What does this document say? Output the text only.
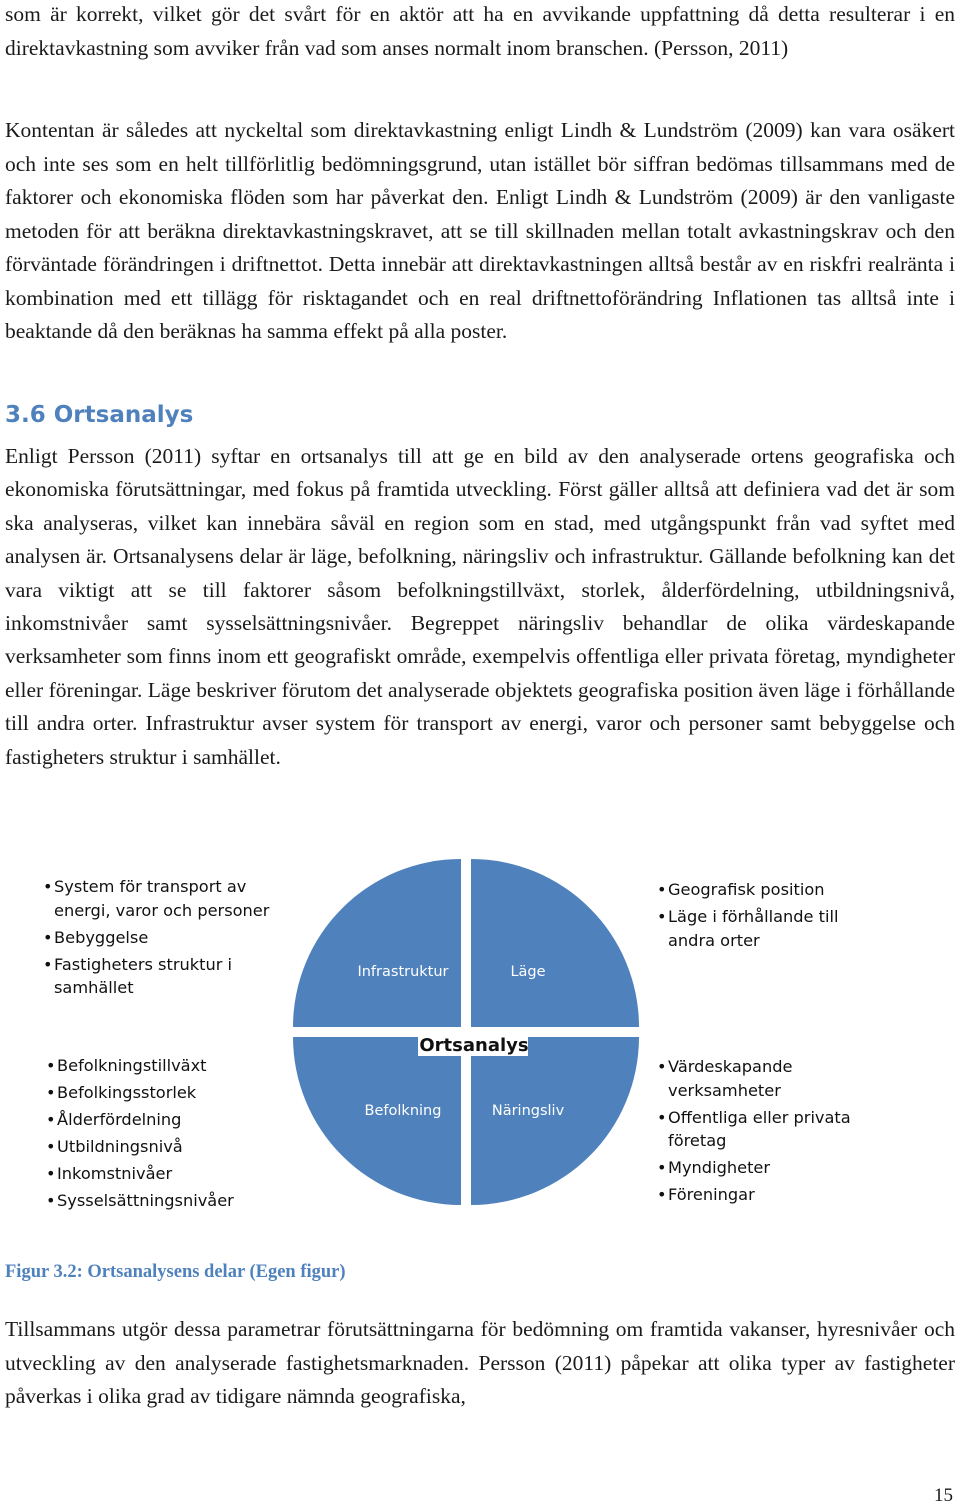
som är korrekt, vilket gör det svårt för en aktör att ha en avvikande uppfattning då detta resulterar i en direktavkastning som avviker från vad som anses normalt inom branschen. (Persson, 2011)

Kontentan är således att nyckeltal som direktavkastning enligt Lindh & Lundström (2009) kan vara osäkert och inte ses som en helt tillförlitlig bedömningsgrund, utan istället bör siffran bedömas tillsammans med de faktorer och ekonomiska flöden som har påverkat den. Enligt Lindh & Lundström (2009) är den vanligaste metoden för att beräkna direktavkastningskravet, att se till skillnaden mellan totalt avkastningskrav och den förväntade förändringen i driftnettot. Detta innebär att direktavkastningen alltså består av en riskfri realränta i kombination med ett tillägg för risktagandet och en real driftnettoförändring Inflationen tas alltså inte i beaktande då den beräknas ha samma effekt på alla poster.

3.6 Ortsanalys

Enligt Persson (2011) syftar en ortsanalys till att ge en bild av den analyserade ortens geografiska och ekonomiska förutsättningar, med fokus på framtida utveckling. Först gäller alltså att definiera vad det är som ska analyseras, vilket kan innebära såväl en region som en stad, med utgångspunkt från vad syftet med analysen är. Ortsanalysens delar är läge, befolkning, näringsliv och infrastruktur. Gällande befolkning kan det vara viktigt att se till faktorer såsom befolkningstillväxt, storlek, ålderfördelning, utbildningsnivå, inkomstnivåer samt sysselsättningsnivåer. Begreppet näringsliv behandlar de olika värdeskapande verksamheter som finns inom ett geografiskt område, exempelvis offentliga eller privata företag, myndigheter eller föreningar. Läge beskriver förutom det analyserade objektets geografiska position även läge i förhållande till andra orter. Infrastruktur avser system för transport av energi, varor och personer samt bebyggelse och fastigheters struktur i samhället.

Infrastruktur	Läge
Befolkning	Näringsliv
Ortsanalys
• System för transport av energi, varor och personer
• Bebyggelse
• Fastigheters struktur i samhället
• Geografisk position
• Läge i förhållande till andra orter
• Befolkningstillväxt
• Befolkingsstorlek
• Ålderfördelning
• Utbildningsnivå
• Inkomstnivåer
• Sysselsättningsnivåer
• Värdeskapande verksamheter
• Offentliga eller privata företag
• Myndigheter
• Föreningar

Figur 3.2: Ortsanalysens delar (Egen figur)

Tillsammans utgör dessa parametrar förutsättningarna för bedömning om framtida vakanser, hyresnivåer och utveckling av den analyserade fastighetsmarknaden. Persson (2011) påpekar att olika typer av fastigheter påverkas i olika grad av tidigare nämnda geografiska,

15
